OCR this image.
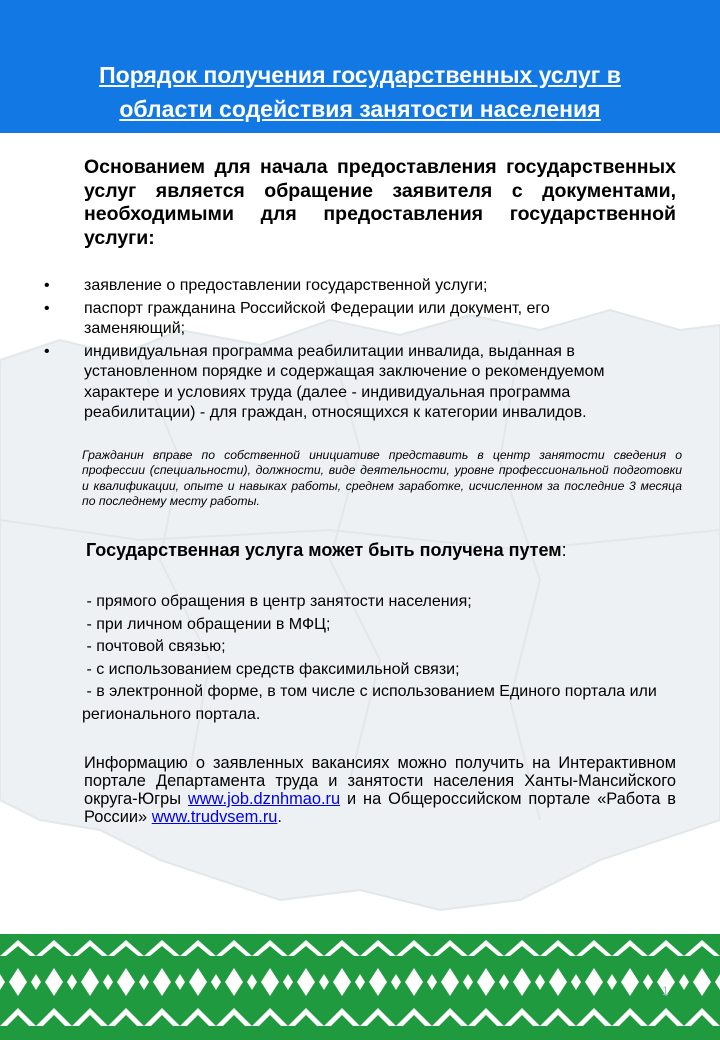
Порядок получения государственных услуг в
области содействия занятости населения
Основанием для начала предоставления государственных услуг является обращение заявителя с документами, необходимыми для предоставления государственной услуги:
• заявление о предоставлении государственной услуги;
• паспорт гражданина Российской Федерации или документ, его заменяющий;
• индивидуальная программа реабилитации инвалида, выданная в установленном порядке и содержащая заключение о рекомендуемом характере и условиях труда (далее - индивидуальная программа реабилитации) - для граждан, относящихся к категории инвалидов.
Гражданин вправе по собственной инициативе представить в центр занятости сведения о профессии (специальности), должности, виде деятельности, уровне профессиональной подготовки и квалификации, опыте и навыках работы, среднем заработке, исчисленном за последние 3 месяца по последнему месту работы.
Государственная услуга может быть получена путем:
- прямого обращения в центр занятости населения;
- при личном обращении в МФЦ;
- почтовой связью;
- с использованием средств факсимильной связи;
- в электронной форме, в том числе с использованием Единого портала или регионального портала.
Информацию о заявленных вакансиях можно получить на Интерактивном портале Департамента труда и занятости населения Ханты-Мансийского округа-Югры www.job.dznhmao.ru и на Общероссийском портале «Работа в России» www.trudvsem.ru.
1
